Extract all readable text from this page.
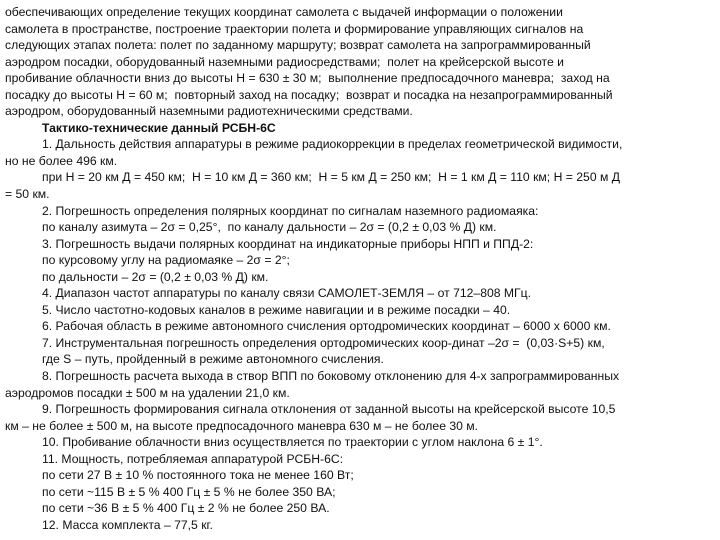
обеспечивающих определение текущих координат самолета с выдачей информации о положении
самолета в пространстве, построение траектории полета и формирование управляющих сигналов на
следующих этапах полета: полет по заданному маршруту; возврат самолета на запрограммированный
аэродром посадки, оборудованный наземными радиосредствами;  полет на крейсерской высоте и
пробивание облачности вниз до высоты Н = 630 ± 30 м;  выполнение предпосадочного маневра;  заход на
посадку до высоты Н = 60 м;  повторный заход на посадку;  возврат и посадка на незапрограммированный
аэродром, оборудованный наземными радиотехническими средствами.
Тактико-технические данный РСБН-6С
1. Дальность действия аппаратуры в режиме радиокоррекции в пределах геометрической видимости,
но не более 496 км.
при Н = 20 км Д = 450 км;  Н = 10 км Д = 360 км;  Н = 5 км Д = 250 км;  Н = 1 км Д = 110 км; Н = 250 м Д
= 50 км.
2. Погрешность определения полярных координат по сигналам наземного радиомаяка:
по каналу азимута – 2σ = 0,25°,  по каналу дальности – 2σ = (0,2 ± 0,03 % Д) км.
3. Погрешность выдачи полярных координат на индикаторные приборы НПП и ППД-2:
по курсовому углу на радиомаяке – 2σ = 2°;
по дальности – 2σ = (0,2 ± 0,03 % Д) км.
4. Диапазон частот аппаратуры по каналу связи САМОЛЕТ-ЗЕМЛЯ – от 712–808 МГц.
5. Число частотно-кодовых каналов в режиме навигации и в режиме посадки – 40.
6. Рабочая область в режиме автономного счисления ортодромических координат – 6000 х 6000 км.
7. Инструментальная погрешность определения ортодромических коор-динат –2σ =  (0,03·S+5) км,
где S – путь, пройденный в режиме автономного счисления.
8. Погрешность расчета выхода в створ ВПП по боковому отклонению для 4-х запрограммированных
аэродромов посадки ± 500 м на удалении 21,0 км.
9. Погрешность формирования сигнала отклонения от заданной высоты на крейсерской высоте 10,5
км – не более ± 500 м, на высоте предпосадочного маневра 630 м – не более 30 м.
10. Пробивание облачности вниз осуществляется по траектории с углом наклона 6 ± 1°.
11. Мощность, потребляемая аппаратурой РСБН-6С:
по сети 27 В ± 10 % постоянного тока не менее 160 Вт;
по сети ~115 В ± 5 % 400 Гц ± 5 % не более 350 ВА;
по сети ~36 В ± 5 % 400 Гц ± 2 % не более 250 ВА.
12. Масса комплекта – 77,5 кг.
